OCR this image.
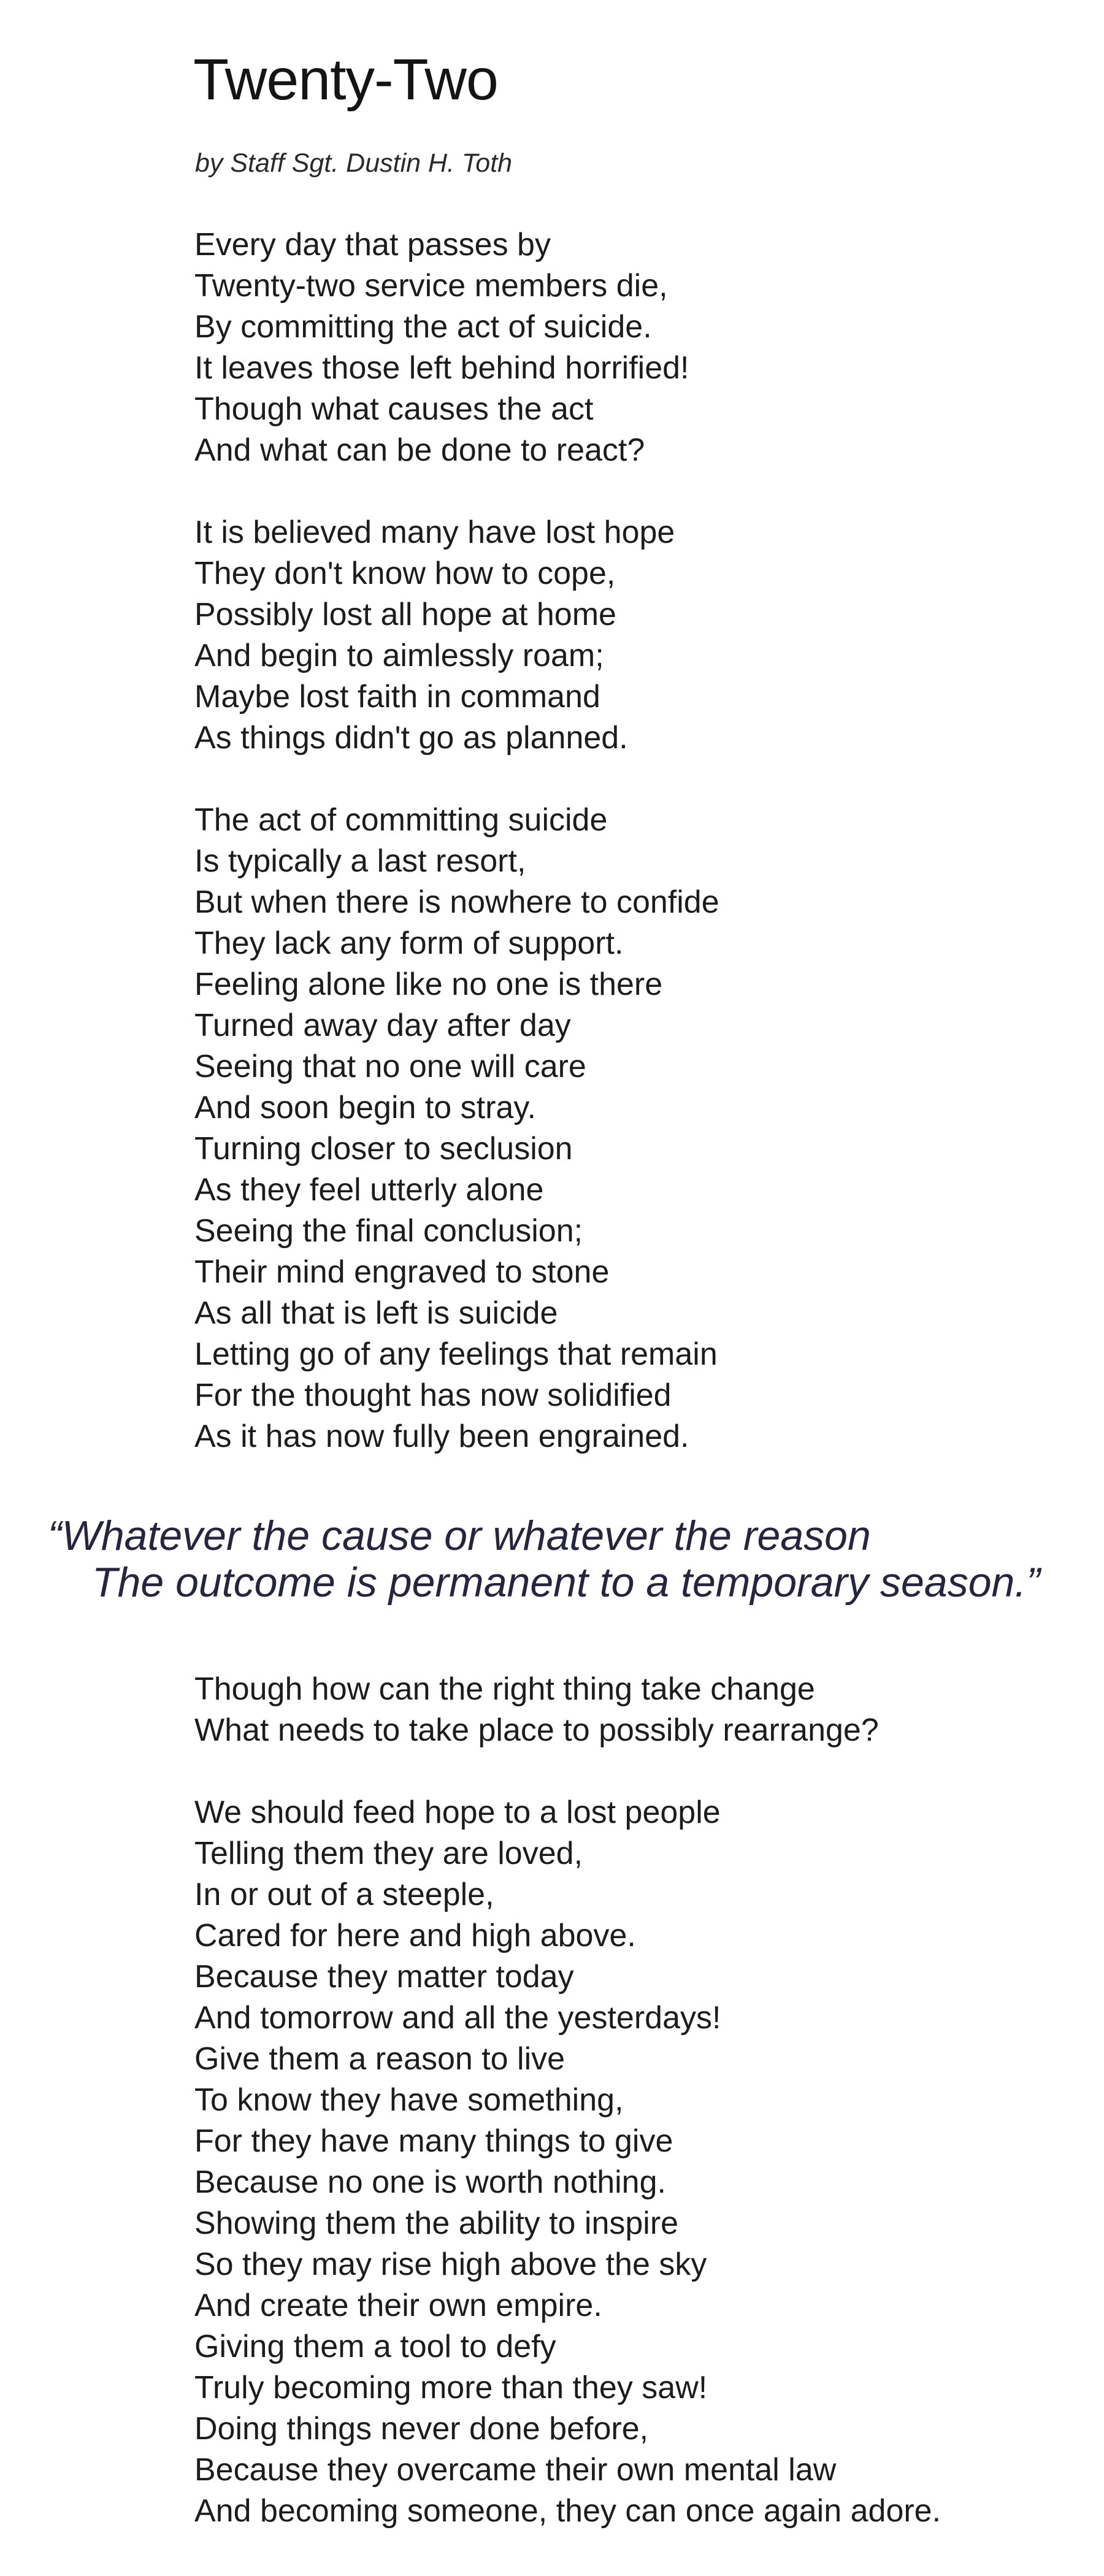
Twenty-Two
by Staff Sgt. Dustin H. Toth
Every day that passes by
Twenty-two service members die,
By committing the act of suicide.
It leaves those left behind horrified!
Though what causes the act
And what can be done to react?
It is believed many have lost hope
They don't know how to cope,
Possibly lost all hope at home
And begin to aimlessly roam;
Maybe lost faith in command
As things didn't go as planned.
The act of committing suicide
Is typically a last resort,
But when there is nowhere to confide
They lack any form of support.
Feeling alone like no one is there
Turned away day after day
Seeing that no one will care
And soon begin to stray.
Turning closer to seclusion
As they feel utterly alone
Seeing the final conclusion;
Their mind engraved to stone
As all that is left is suicide
Letting go of any feelings that remain
For the thought has now solidified
As it has now fully been engrained.
“Whatever the cause or whatever the reason
The outcome is permanent to a temporary season.”
Though how can the right thing take change
What needs to take place to possibly rearrange?
We should feed hope to a lost people
Telling them they are loved,
In or out of a steeple,
Cared for here and high above.
Because they matter today
And tomorrow and all the yesterdays!
Give them a reason to live
To know they have something,
For they have many things to give
Because no one is worth nothing.
Showing them the ability to inspire
So they may rise high above the sky
And create their own empire.
Giving them a tool to defy
Truly becoming more than they saw!
Doing things never done before,
Because they overcame their own mental law
And becoming someone, they can once again adore.
